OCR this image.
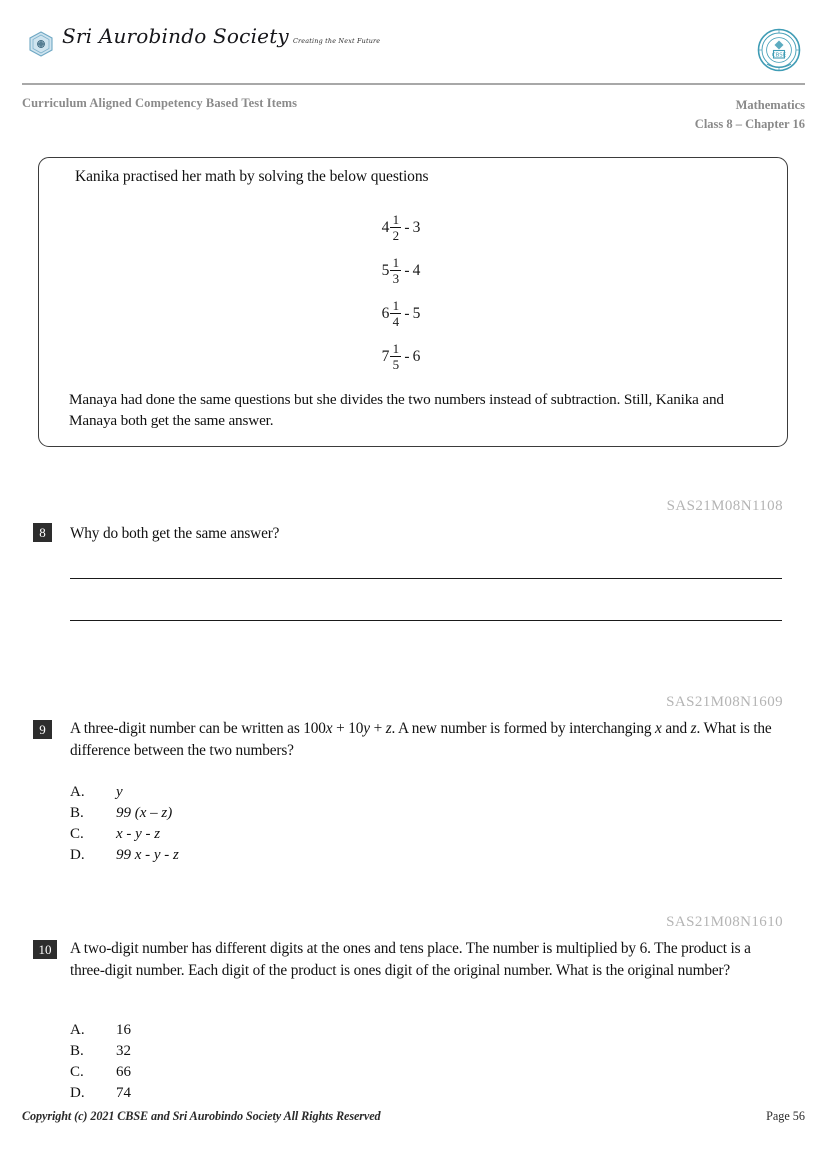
Sri Aurobindo Society Creating the Next Future
CBSE
Curriculum Aligned Competency Based Test Items	Mathematics
Class 8 – Chapter 16
Kanika practised her math by solving the below questions
$4 \frac{1}{2} - 3$
$5 \frac{1}{3} - 4$
$6 \frac{1}{4} - 5$
$7 \frac{1}{5} - 6$
Manaya had done the same questions but she divides the two numbers instead of subtraction. Still, Kanika and Manaya both get the same answer.
SAS21M08N1108
8	Why do both get the same answer?
SAS21M08N1609
9	A three-digit number can be written as 100x + 10y + z. A new number is formed by interchanging x and z. What is the difference between the two numbers?
A.	y
B.	99 (x – z)
C.	x - y - z
D.	99 x - y - z
SAS21M08N1610
10	A two-digit number has different digits at the ones and tens place. The number is multiplied by 6. The product is a three-digit number. Each digit of the product is ones digit of the original number. What is the original number?
A.	16
B.	32
C.	66
D.	74
Copyright (c) 2021 CBSE and Sri Aurobindo Society All Rights Reserved	Page 56
